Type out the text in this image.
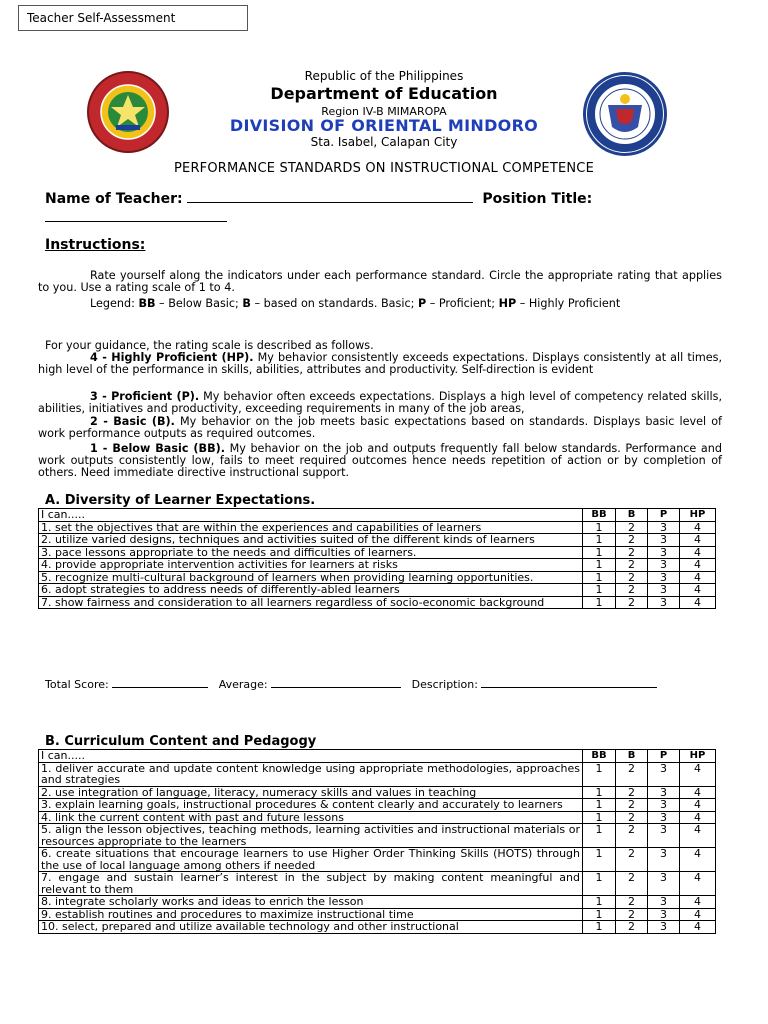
Teacher Self-Assessment
Republic of the Philippines
Department of Education
Region IV-B MIMAROPA
DIVISION OF ORIENTAL MINDORO
Sta. Isabel, Calapan City
PERFORMANCE STANDARDS ON INSTRUCTIONAL COMPETENCE
Name of Teacher:	Position Title:
Instructions:
Rate yourself along the indicators under each performance standard. Circle the appropriate rating that applies to you. Use a rating scale of 1 to 4.
Legend: BB – Below Basic; B – based on standards. Basic; P – Proficient; HP – Highly Proficient
For your guidance, the rating scale is described as follows.
4 - Highly Proficient (HP). My behavior consistently exceeds expectations. Displays consistently at all times, high level of the performance in skills, abilities, attributes and productivity. Self-direction is evident
3 - Proficient (P). My behavior often exceeds expectations. Displays a high level of competency related skills, abilities, initiatives and productivity, exceeding requirements in many of the job areas,
2 - Basic (B). My behavior on the job meets basic expectations based on standards. Displays basic level of work performance outputs as required outcomes.
1 - Below Basic (BB). My behavior on the job and outputs frequently fall below standards. Performance and work outputs consistently low, fails to meet required outcomes hence needs repetition of action or by completion of others. Need immediate directive instructional support.
A. Diversity of Learner Expectations.
I can.....	BB	B	P	HP
1. set the objectives that are within the experiences and capabilities of learners	1	2	3	4
2. utilize varied designs, techniques and activities suited of the different kinds of learners	1	2	3	4
3. pace lessons appropriate to the needs and difficulties of learners.	1	2	3	4
4. provide appropriate intervention activities for learners at risks	1	2	3	4
5. recognize multi-cultural background of learners when providing learning opportunities.	1	2	3	4
6. adopt strategies to address needs of differently-abled learners	1	2	3	4
7. show fairness and consideration to all learners regardless of socio-economic background	1	2	3	4
Total Score:	Average:	Description:
B. Curriculum Content and Pedagogy
I can.....	BB	B	P	HP
1. deliver accurate and update content knowledge using appropriate methodologies, approaches and strategies	1	2	3	4
2. use integration of language, literacy, numeracy skills and values in teaching	1	2	3	4
3. explain learning goals, instructional procedures & content clearly and accurately to learners	1	2	3	4
4. link the current content with past and future lessons	1	2	3	4
5. align the lesson objectives, teaching methods, learning activities and instructional materials or resources appropriate to the learners	1	2	3	4
6. create situations that encourage learners to use Higher Order Thinking Skills (HOTS) through the use of local language among others if needed	1	2	3	4
7. engage and sustain learner’s interest in the subject by making content meaningful and relevant to them	1	2	3	4
8. integrate scholarly works and ideas to enrich the lesson	1	2	3	4
9. establish routines and procedures to maximize instructional time	1	2	3	4
10. select, prepared and utilize available technology and other instructional	1	2	3	4
